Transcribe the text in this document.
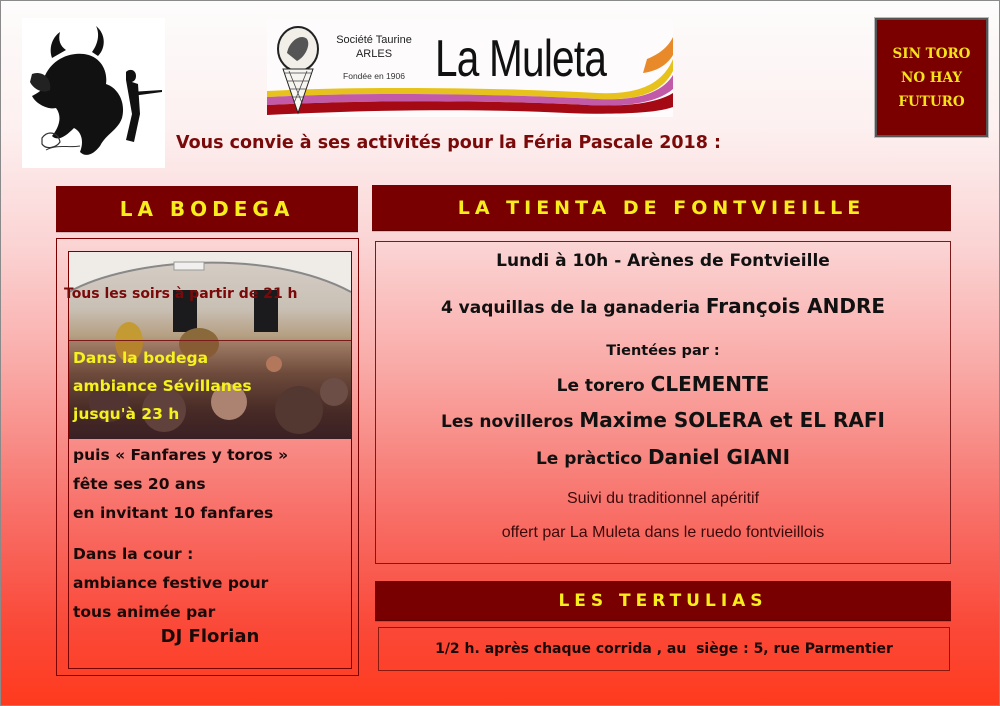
Société Taurine
ARLES
Fondée en 1906 La Muleta	SIN TORO
NO HAY
FUTURO
Vous convie à ses activités pour la Féria Pascale 2018 :
LA BODEGA
Tous les soirs à partir de 21 h
Dans la bodega
ambiance Sévillanes
jusqu'à 23 h
puis « Fanfares y toros »
fête ses 20 ans
en invitant 10 fanfares
Dans la cour :
ambiance festive pour
tous animée par
DJ Florian
LA TIENTA DE FONTVIEILLE
Lundi à 10h - Arènes de Fontvieille
4 vaquillas de la ganaderia François ANDRE
Tientées par :
Le torero CLEMENTE
Les novilleros Maxime SOLERA et EL RAFI
Le pràctico Daniel GIANI
Suivi du traditionnel apéritif
offert par La Muleta dans le ruedo fontvieillois
LES TERTULIAS
1/2 h. après chaque corrida , au  siège : 5, rue Parmentier
